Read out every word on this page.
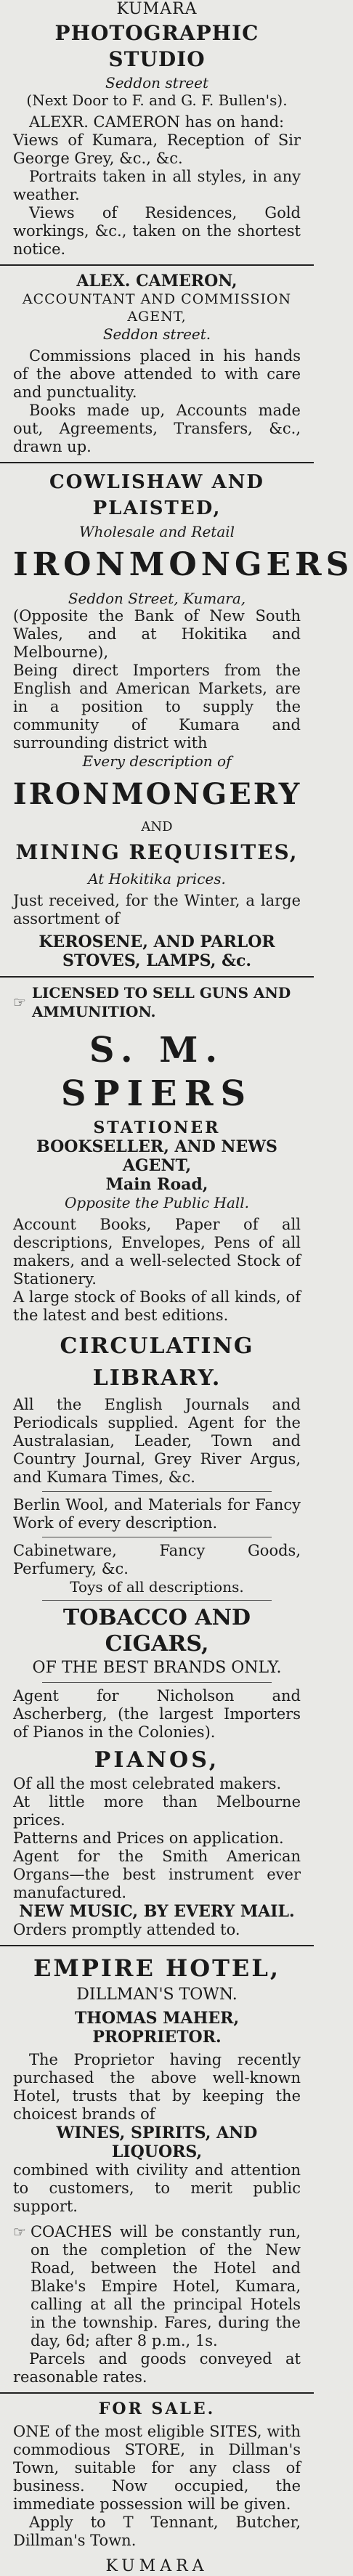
KUMARA

PHOTOGRAPHIC STUDIO

Seddon street

(Next Door to F. and G. F. Bullen's).

ALEXR. CAMERON has on hand:

Views of Kumara, Reception of Sir George Grey, &c., &c.

Portraits taken in all styles, in any weather.

Views of Residences, Gold workings, &c., taken on the shortest notice.

ALEX. CAMERON,

ACCOUNTANT AND COMMISSION AGENT,

Seddon street.

Commissions placed in his hands of the above attended to with care and punctuality.

Books made up, Accounts made out, Agreements, Transfers, &c., drawn up.

COWLISHAW AND PLAISTED,

Wholesale and Retail

IRONMONGERS

Seddon Street, Kumara,

(Opposite the Bank of New South Wales, and at Hokitika and Melbourne),

Being direct Importers from the English and American Markets, are in a position to supply the community of Kumara and surrounding district with

Every description of

IRONMONGERY

AND

MINING REQUISITES,

At Hokitika prices.

Just received, for the Winter, a large assortment of

KEROSENE, AND PARLOR STOVES, LAMPS, &c.

☞

LICENSED TO SELL GUNS AND AMMUNITION.

S. M. SPIERS

STATIONER

BOOKSELLER, AND NEWS AGENT,

Main Road,

Opposite the Public Hall.

Account Books, Paper of all descriptions, Envelopes, Pens of all makers, and a well-selected Stock of Stationery.

A large stock of Books of all kinds, of the latest and best editions.

CIRCULATING LIBRARY.

All the English Journals and Periodicals supplied. Agent for the Australasian, Leader, Town and Country Journal, Grey River Argus, and Kumara Times, &c.

Berlin Wool, and Materials for Fancy Work of every description.

Cabinetware, Fancy Goods, Perfumery, &c.

Toys of all descriptions.

TOBACCO AND CIGARS,

OF THE BEST BRANDS ONLY.

Agent for Nicholson and Ascherberg, (the largest Importers of Pianos in the Colonies).

PIANOS,

Of all the most celebrated makers.

At little more than Melbourne prices.

Patterns and Prices on application.

Agent for the Smith American Organs—the best instrument ever manufactured.

NEW MUSIC, BY EVERY MAIL.

Orders promptly attended to.

EMPIRE HOTEL,

DILLMAN'S TOWN.

THOMAS MAHER, PROPRIETOR.

The Proprietor having recently purchased the above well-known Hotel, trusts that by keeping the choicest brands of

WINES, SPIRITS, AND LIQUORS,

combined with civility and attention to customers, to merit public support.

☞ COACHES will be constantly run, on the completion of the New Road, between the Hotel and Blake's Empire Hotel, Kumara, calling at all the principal Hotels in the township. Fares, during the day, 6d; after 8 p.m., 1s.

Parcels and goods conveyed at reasonable rates.

FOR SALE.

ONE of the most eligible SITES, with commodious STORE, in Dillman's Town, suitable for any class of business. Now occupied, the immediate possession will be given.

Apply to T Tennant, Butcher, Dillman's Town.

KUMARA
